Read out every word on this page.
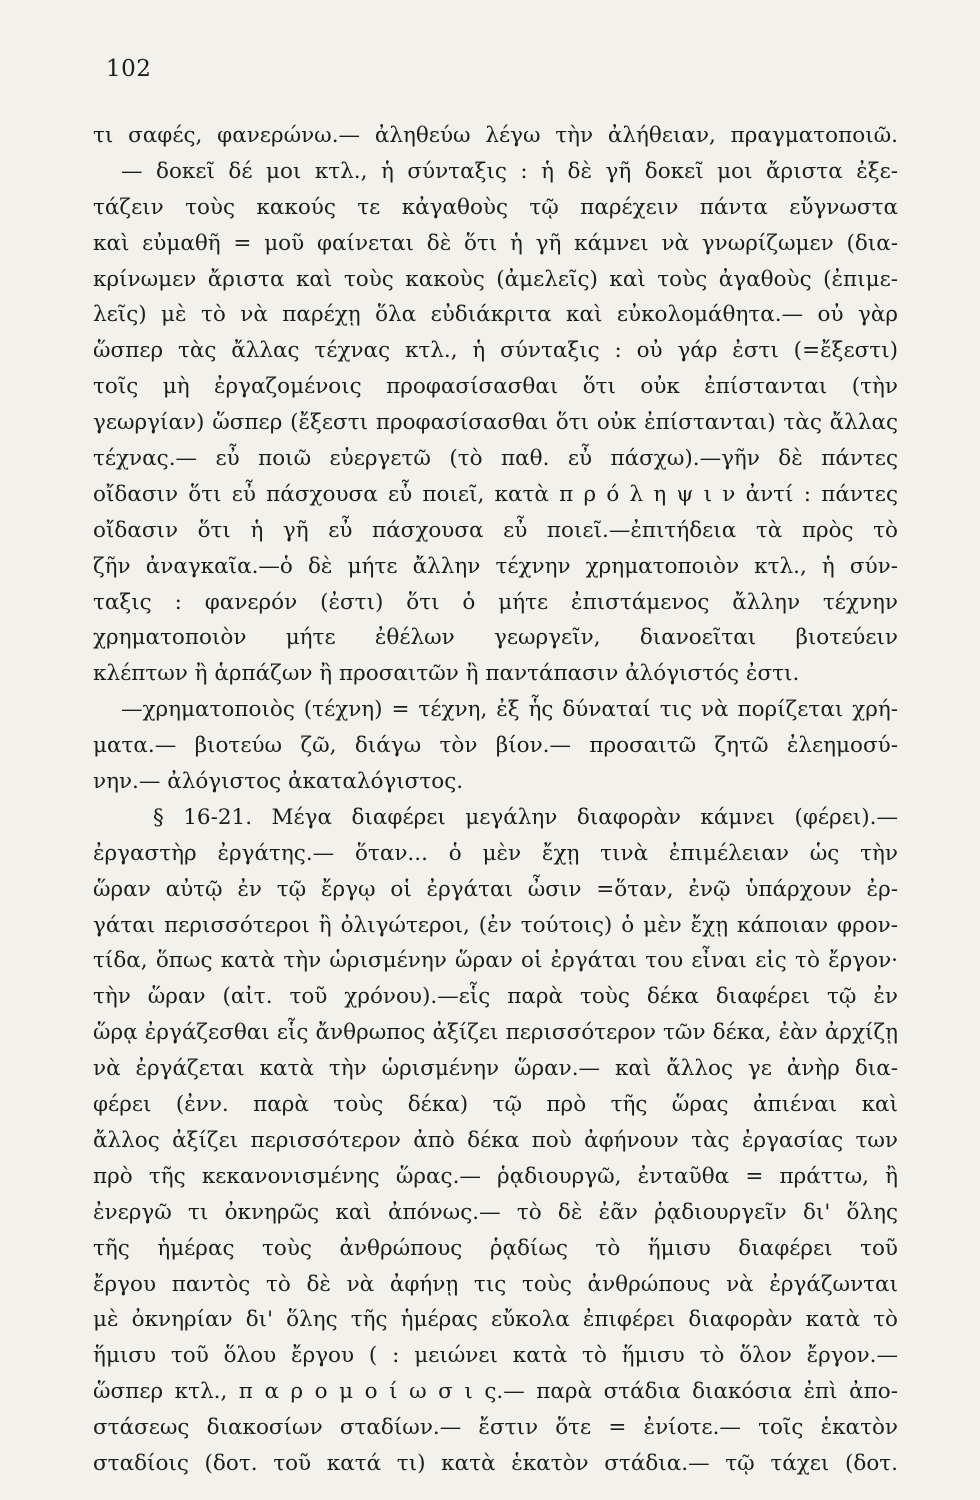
102
τι σαφές, φανερώνω.— ἀληθεύω λέγω τὴν ἀλήθειαν, πραγματοποιῶ.
— δοκεῖ δέ μοι κτλ., ἡ σύνταξις : ἡ δὲ γῆ δοκεῖ μοι ἄριστα ἐξε-
τάζειν τοὺς κακούς τε κἀγαθοὺς τῷ παρέχειν πάντα εὔγνωστα
καὶ εὐμαθῆ = μοῦ φαίνεται δὲ ὅτι ἡ γῆ κάμνει νὰ γνωρίζωμεν (δια-
κρίνωμεν ἄριστα καὶ τοὺς κακοὺς (ἀμελεῖς) καὶ τοὺς ἀγαθοὺς (ἐπιμε-
λεῖς) μὲ τὸ νὰ παρέχῃ ὅλα εὐδιάκριτα καὶ εὐκολομάθητα.— οὐ γὰρ
ὥσπερ τὰς ἄλλας τέχνας κτλ., ἡ σύνταξις : οὐ γάρ ἐστι (=ἔξεστι)
τοῖς μὴ ἐργαζομένοις προφασίσασθαι ὅτι οὐκ ἐπίστανται (τὴν
γεωργίαν) ὥσπερ (ἔξεστι προφασίσασθαι ὅτι οὐκ ἐπίστανται) τὰς ἄλλας
τέχνας.— εὖ ποιῶ εὐεργετῶ (τὸ παθ. εὖ πάσχω).—γῆν δὲ πάντες
οἴδασιν ὅτι εὖ πάσχουσα εὖ ποιεῖ, κατὰ π ρ ό λ η ψ ι ν ἀντί : πάντες
οἴδασιν ὅτι ἡ γῆ εὖ πάσχουσα εὖ ποιεῖ.—ἐπιτήδεια τὰ πρὸς τὸ
ζῆν ἀναγκαῖα.—ὁ δὲ μήτε ἄλλην τέχνην χρηματοποιὸν κτλ., ἡ σύν-
ταξις : φανερόν (ἐστι) ὅτι ὁ μήτε ἐπιστάμενος ἄλλην τέχνην
χρηματοποιὸν μήτε ἐθέλων γεωργεῖν, διανοεῖται βιοτεύειν
κλέπτων ἢ ἁρπάζων ἢ προσαιτῶν ἢ παντάπασιν ἀλόγιστός ἐστι.
—χρηματοποιὸς (τέχνη) = τέχνη, ἐξ ἧς δύναταί τις νὰ πορίζεται χρή-
ματα.— βιοτεύω ζῶ, διάγω τὸν βίον.— προσαιτῶ ζητῶ ἐλεημοσύ-
νην.— ἀλόγιστος ἀκαταλόγιστος.
§ 16-21. Μέγα διαφέρει μεγάλην διαφορὰν κάμνει (φέρει).—
ἐργαστὴρ ἐργάτης.— ὅταν... ὁ μὲν ἔχῃ τινὰ ἐπιμέλειαν ὡς τὴν
ὥραν αὐτῷ ἐν τῷ ἔργῳ οἱ ἐργάται ὦσιν =ὅταν, ἐνῷ ὑπάρχουν ἐρ-
γάται περισσότεροι ἢ ὀλιγώτεροι, (ἐν τούτοις) ὁ μὲν ἔχῃ κάποιαν φρον-
τίδα, ὅπως κατὰ τὴν ὡρισμένην ὥραν οἱ ἐργάται του εἶναι εἰς τὸ ἔργον·
τὴν ὥραν (αἰτ. τοῦ χρόνου).—εἷς παρὰ τοὺς δέκα διαφέρει τῷ ἐν
ὥρᾳ ἐργάζεσθαι εἷς ἄνθρωπος ἀξίζει περισσότερον τῶν δέκα, ἐὰν ἀρχίζῃ
νὰ ἐργάζεται κατὰ τὴν ὡρισμένην ὥραν.— καὶ ἄλλος γε ἀνὴρ δια-
φέρει (ἐνν. παρὰ τοὺς δέκα) τῷ πρὸ τῆς ὥρας ἀπιέναι καὶ
ἄλλος ἀξίζει περισσότερον ἀπὸ δέκα ποὺ ἀφήνουν τὰς ἐργασίας των
πρὸ τῆς κεκανονισμένης ὥρας.— ῥᾳδιουργῶ, ἐνταῦθα = πράττω, ἢ
ἐνεργῶ τι ὀκνηρῶς καὶ ἀπόνως.— τὸ δὲ ἐᾶν ῥᾳδιουργεῖν δι' ὅλης
τῆς ἡμέρας τοὺς ἀνθρώπους ῥᾳδίως τὸ ἥμισυ διαφέρει τοῦ
ἔργου παντὸς τὸ δὲ νὰ ἀφήνῃ τις τοὺς ἀνθρώπους νὰ ἐργάζωνται
μὲ ὀκνηρίαν δι' ὅλης τῆς ἡμέρας εὔκολα ἐπιφέρει διαφορὰν κατὰ τὸ
ἥμισυ τοῦ ὅλου ἔργου ( : μειώνει κατὰ τὸ ἥμισυ τὸ ὅλον ἔργον.—
ὥσπερ κτλ., π α ρ ο μ ο ί ω σ ι ς.— παρὰ στάδια διακόσια ἐπὶ ἀπο-
στάσεως διακοσίων σταδίων.— ἔστιν ὅτε = ἐνίοτε.— τοῖς ἑκατὸν
σταδίοις (δοτ. τοῦ κατά τι) κατὰ ἑκατὸν στάδια.— τῷ τάχει (δοτ.
